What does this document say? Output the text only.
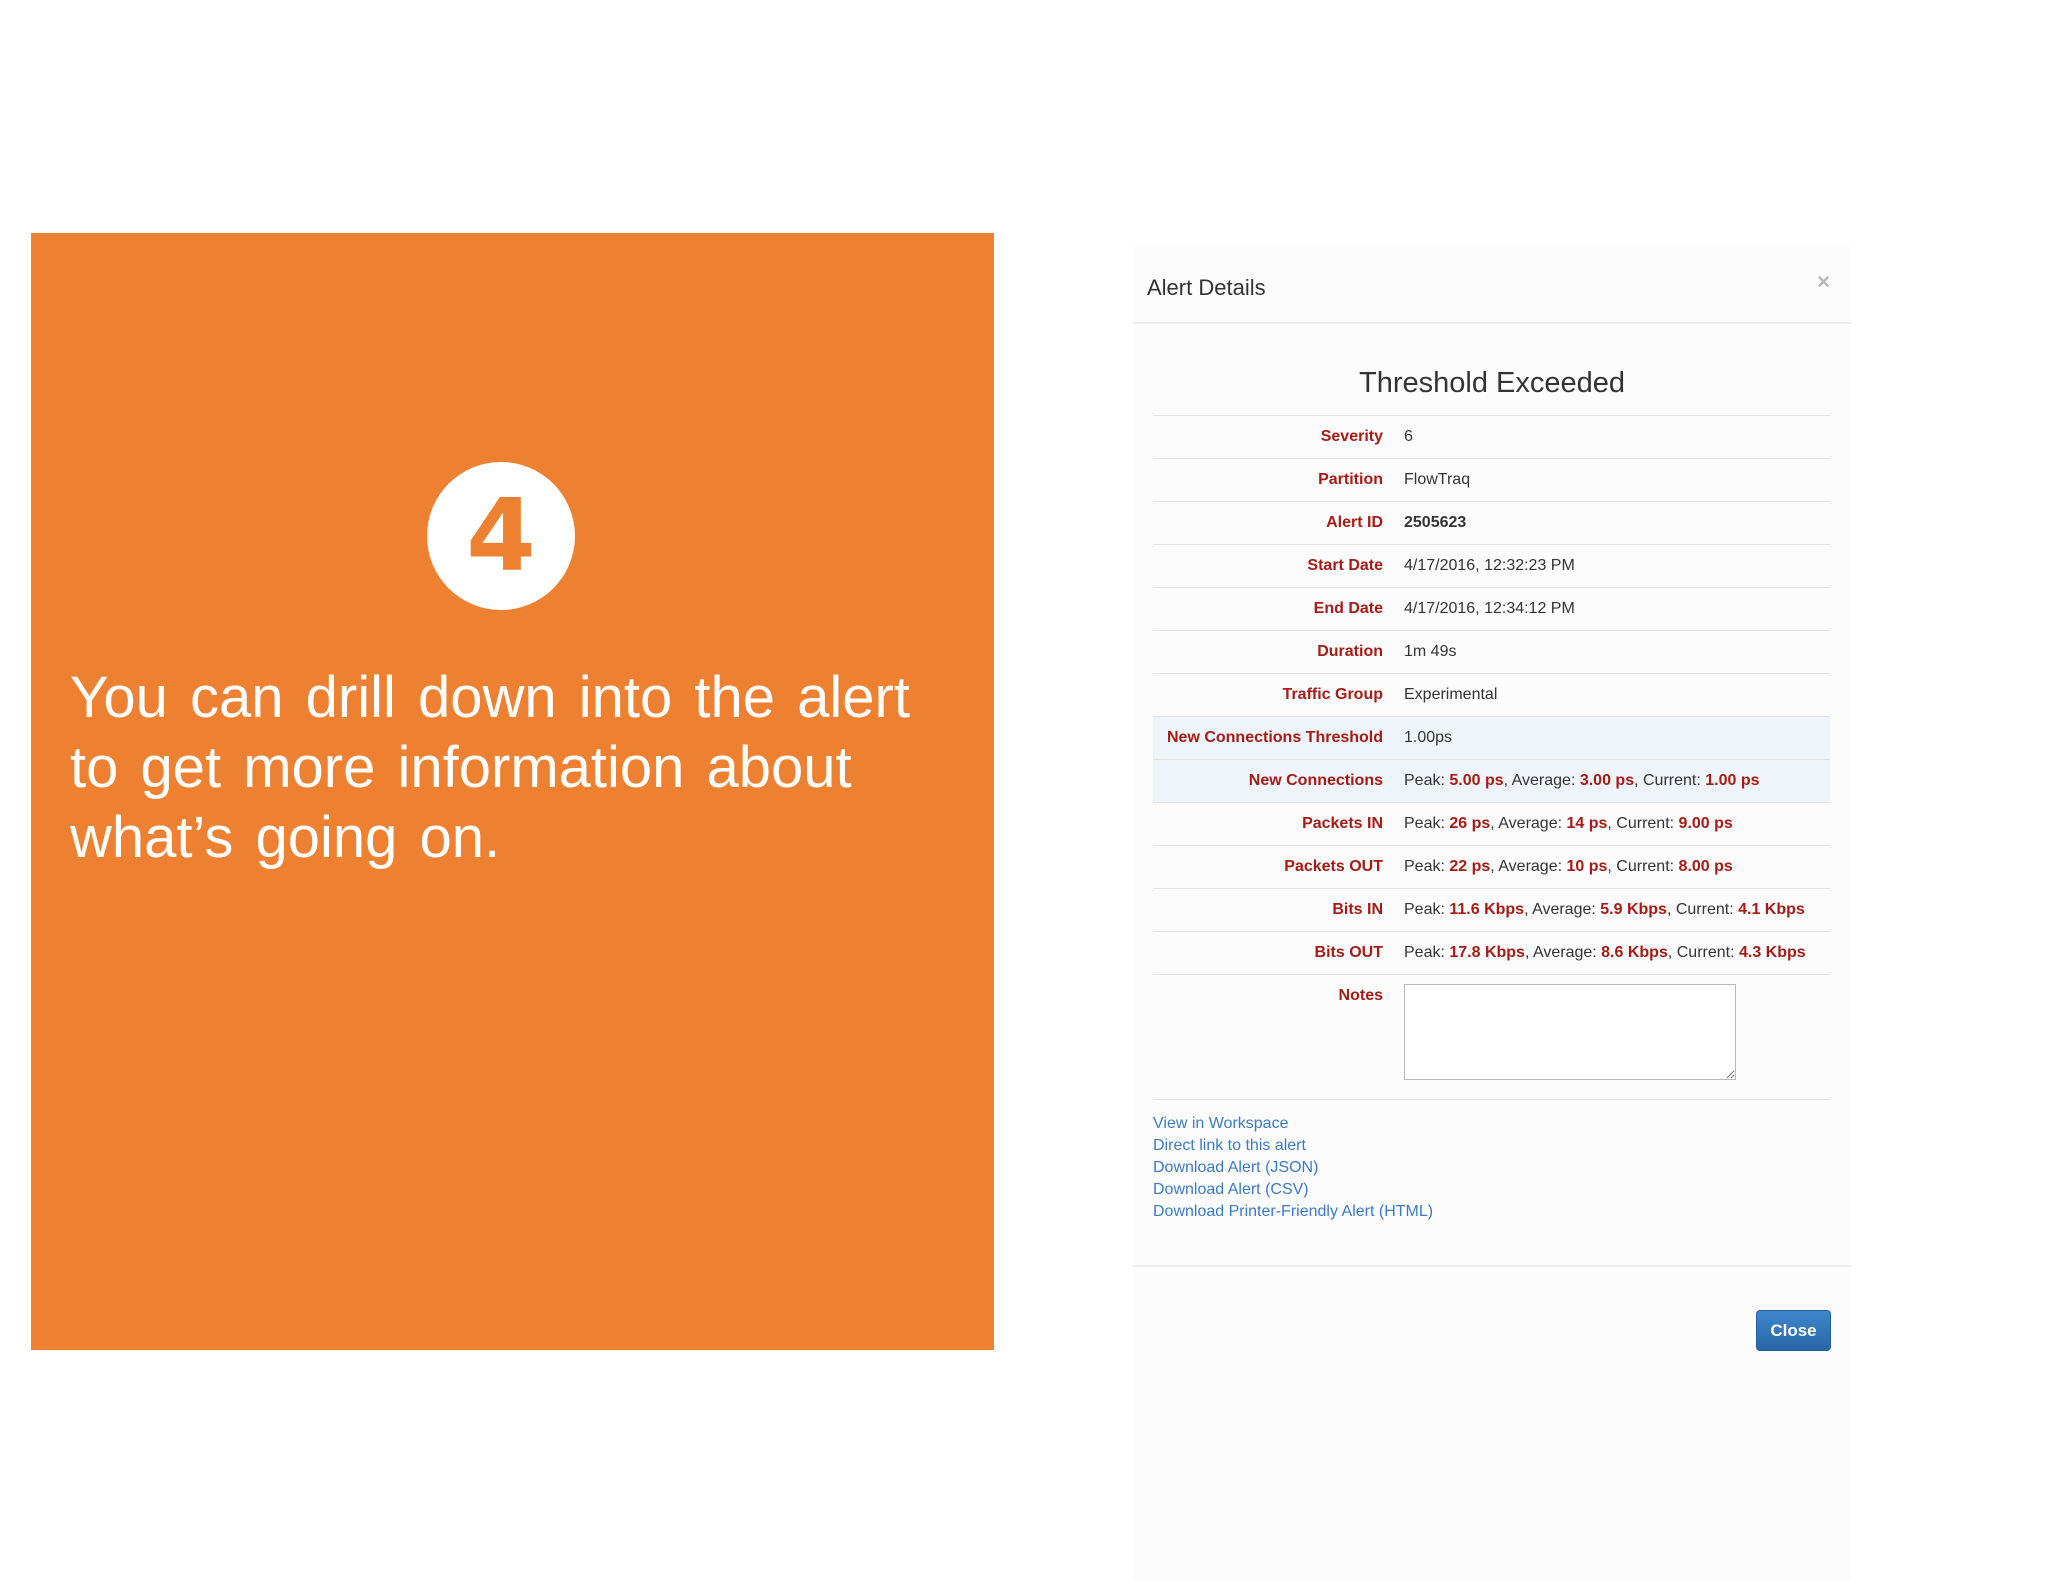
4
You can drill down into the alert to get more information about what’s going on.
Alert Details	×
Threshold Exceeded
Severity	6
Partition	FlowTraq
Alert ID	2505623
Start Date	4/17/2016, 12:32:23 PM
End Date	4/17/2016, 12:34:12 PM
Duration	1m 49s
Traffic Group	Experimental
New Connections Threshold	1.00ps
New Connections	Peak: 5.00 ps, Average: 3.00 ps, Current: 1.00 ps
Packets IN	Peak: 26 ps, Average: 14 ps, Current: 9.00 ps
Packets OUT	Peak: 22 ps, Average: 10 ps, Current: 8.00 ps
Bits IN	Peak: 11.6 Kbps, Average: 5.9 Kbps, Current: 4.1 Kbps
Bits OUT	Peak: 17.8 Kbps, Average: 8.6 Kbps, Current: 4.3 Kbps
Notes	
View in Workspace
Direct link to this alert
Download Alert (JSON)
Download Alert (CSV)
Download Printer-Friendly Alert (HTML)
Close
